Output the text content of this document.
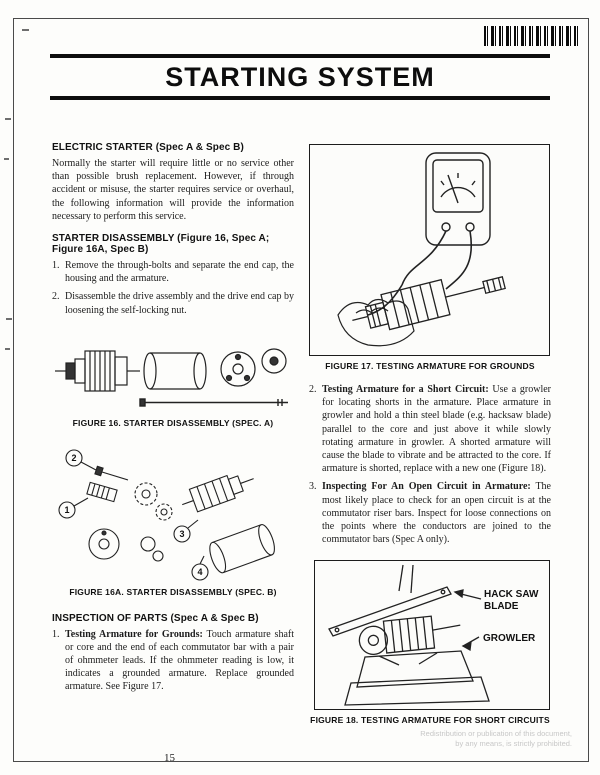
STARTING SYSTEM
ELECTRIC STARTER (Spec A & Spec B)

Normally the starter will require little or no service other than possible brush replacement. However, if through accident or misuse, the starter requires service or overhaul, the following information will provide the information necessary to perform this service.

STARTER DISASSEMBLY (Figure 16, Spec A; Figure 16A, Spec B)
1. Remove the through-bolts and separate the end cap, the housing and the armature.
2. Disassemble the drive assembly and the drive end cap by loosening the self-locking nut.
FIGURE 16. STARTER DISASSEMBLY (SPEC. A)
2
1
3
4
FIGURE 16A. STARTER DISASSEMBLY (SPEC. B)
INSPECTION OF PARTS (Spec A & Spec B)
1. Testing Armature for Grounds: Touch armature shaft or core and the end of each commutator bar with a pair of ohmmeter leads. If the ohmmeter reading is low, it indicates a grounded armature. Replace grounded armature. See Figure 17.
FIGURE 17. TESTING ARMATURE FOR GROUNDS
2. Testing Armature for a Short Circuit: Use a growler for locating shorts in the armature. Place armature in growler and hold a thin steel blade (e.g. hacksaw blade) parallel to the core and just above it while slowly rotating armature in growler. A shorted armature will cause the blade to vibrate and be attracted to the core. If armature is shorted, replace with a new one (Figure 18).
3. Inspecting For An Open Circuit in Armature: The most likely place to check for an open circuit is at the commutator riser bars. Inspect for loose connections on the points where the conductors are joined to the commutator bars (Spec A only).
HACK SAW
BLADE
GROWLER
FIGURE 18. TESTING ARMATURE FOR SHORT CIRCUITS
Redistribution or publication of this document,
by any means, is strictly prohibited.
15
